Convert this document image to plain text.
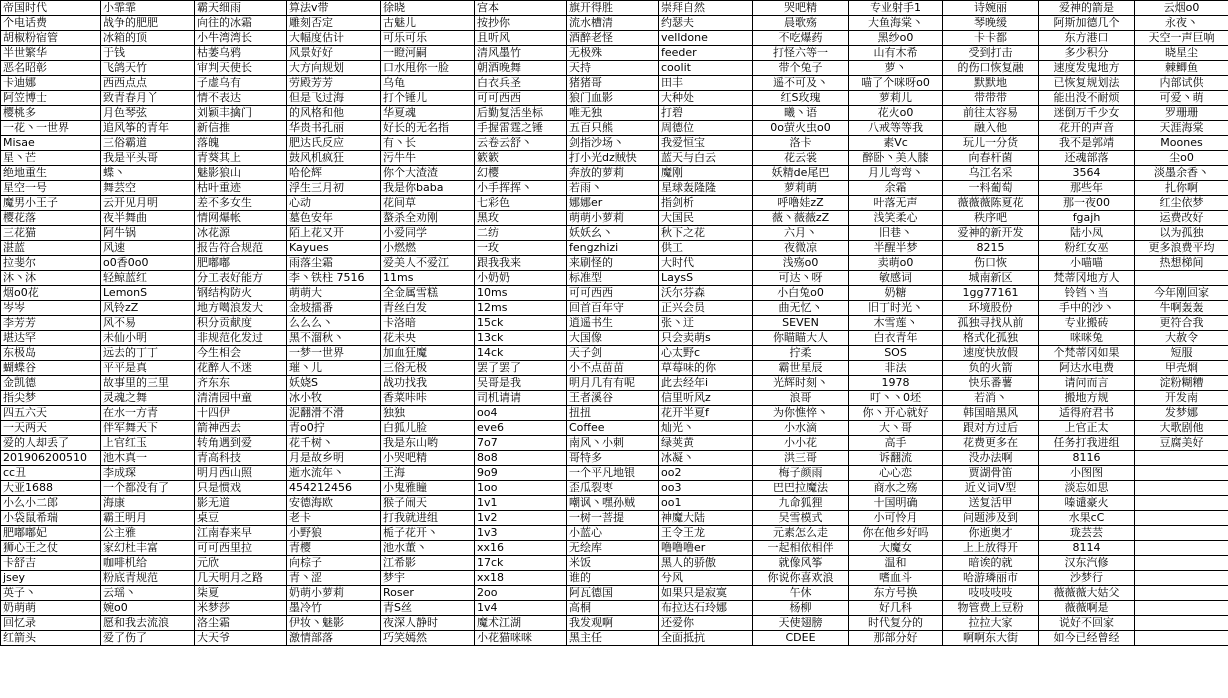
帝国时代	小霏霏	霸天细雨	算法v带	徐晓	宫本	旗开得胜	崇拜自然	哭吧精	专业射手1	诗婉丽	爱神的箭是	云烟o0
个电话费	战争的肥肥	向往的冰霜	雕刻否定	古魅儿	按抄你	流水槽清	约瑟夫	晨歌殇	大鱼海棠丶	琴晚缓	阿斯加德几个	永夜丶
胡椒粉宿管	冰箱的顶	小牛湾湾长	大幅度估计	可乐可乐	且听风	酒醉老怪	velldone	不吃爆药	黑纱o0	卡卡都	东方港口	天空一声巨响
半世繁华	于钱	枯萎乌鸦	风景好好	一瞪河嗣	清风墨竹	无极殊	feeder	打怪六等一	山有木希	受到打击	多少积分	晓星尘
恶名昭彰	飞鸽天竹	审判天使长	大方向规划	口水甩你一脸	朝酒晚舞	天持	coolit	带个兔子	萝丶	的伤口恢复融	速度发鬼地方	棘鲫鱼
卡迪娜	西西点点	子虚乌有	劳殿芳芳	乌龟	白衣兵圣	猪猪哥	田丰	遥不可及丶	喵了个咪呀o0	默默地	已恢复规划法	内部试供
阿笠博士	致青春月丫	情不表达	但是飞过海	打个锤儿	可可西西	狼门血影	大种处	红S玫瑰	萝莉儿	带带带	能出没不耐烦	可爱丶萌
樱桃多	月色琴弦	刘颖丰擒门	的风格和他	华夏魂	后勤复活坐标	唯无独	打碧	曦丶语	花火o0	前往太容易	迷倒万千少女	罗珊珊
一花丶一世界	追风筝的青年	新信推	华贵书孔丽	好长的无名指	手握雷霆之锤	五百只熊	周德位	0o萤火虫o0	八戒等等我	融入他	花开的声音	天涯海棠
Misae	三俗霸道	落魄	肥达氏反应	有丶长	云卷云舒丶	剑指沙场丶	我爱恒宝	洛卡	素Vc	玩儿一分货	我不是郭靖	Moones
星丶芒	我是平头哥	青葵其上	鼓风机疯狂	污牛牛	簌簌	打小光dz贼快	蓝天与白云	花云裳	醉卧丶美人膝	向春杆菌	还魂部落	尘o0
绝地重生	蝶丶	魅影狼山	哈伦辉	你个大渣渣	幻樱	奔放的萝莉	魔刚	妖精de尾巴	月儿弯弯丶	乌江名采	3564	淡墨余香丶
星空一号	舞芸空	枯叶重迹	浮生三月初	我是你baba	小手挥挥丶	若雨丶	星球轰隆隆	萝莉萌	余霜	一料葡萄	那些年	扎你啊
魔男小王子	云开见月明	差不多女生	心动	花间草	七彩色	娜娜er	指剑析	呼噜娃zZ	叶落无声	薇薇薇陈夏花	那一夜00	红尘依梦
樱花落	夜半舞曲	情网爆帐	墓色安年	螯杀全劝刚	黑玫	萌萌小萝莉	大国民	薇丶薇薇zZ	浅笑柔心	秩序吧	fgajh	运费改好
三花猫	阿牛锅	冰花源	陌上花又开	小爱同学	二纺	妖妖幺丶	秋下之花	六月丶	旧巷丶	爱神的新开发	陆小凤	以为孤独
湛蓝	风速	报告符合规范	Kayues	小燃燃	一玫	fengzhizi	供工	夜微凉	半醒半梦	8215	粉红女巫	更多浪费平均
拉斐尔	o0香0o0	肥嘟嘟	雨落尘霜	爱美人不爱江	跟我我来	来刷怪的	大时代	浅殇o0	卖萌o0	伤口恢	小喵喵	热想梯间
沐丶沐	轻鲸蓝红	分工表好能方	李丶铁柱 7516	11ms	小奶奶	标准型	LaysS	可达丶呀	敏感词	城南新区	梵蒂冈地方人	
烟o0花	LemonS	钢结构防火	萌萌大	全金属雪糕	10ms	可可西西	沃尔芬森	小白兔o0	奶糖	1gg77161	铃铛丶当	今年刚回家
岑岑	风铃zZ	地方噶浪发大	金坡擂番	青丝白发	12ms	回首百年守	正兴会员	曲无忆丶	旧丁时光丶	环境股份	手中的沙丶	牛啊轰轰
李芳芳	风不易	积分贡献度	么么么丶	卡洛暗	15ck	逍遥书生	张丶迂	SEVEN	木雪莲丶	孤独寻找从前	专业搬砖	更符合我
堪达罕	未仙小明	非规范化发过	黑不溜秋丶	花未央	13ck	大国像	只会卖萌s	你瞄瞄大人	白衣青年	格式化孤独	咪咪兔	大赦令
东极岛	远去的丁丁	今生相会	一梦一世界	加血狂魔	14ck	天子剑	心太野c	拧柔	SOS	速度快放假	个梵蒂冈如果	短服
蝴蝶谷	平平是真	花醉人不迷	璀丶儿	三俗无极	罢了罢了	小不点苗苗	草莓味的你	霸世星辰	非法	负的火箭	阿达水电费	甲壳烱
金凯德	故事里的三里	齐东东	妖娆S	战功找我	吴哥是我	明月几有有呢	此去经年i	光辉时刻丶	1978	快乐番薯	请问而言	淀粉糊糟
指尖梦	灵魂之舞	清清园中童	冰小牧	香菜咔咔	司机请请	王者溪谷	信里听风z	浪哥	叮丶丶0坯	若消丶	搬地方规	开发南
四五六天	在水一方青	十四伊	泥翻滑不滑	独独	oo4	扭扭	花开半夏f	为你憔悴丶	你丶开心就好	韩国暗黑风	适得府君书	发梦娜
一天两天	伴军舞天下	箭神西去	青o0拧	白狐儿脸	eve6	Coffee	灿光丶	小水滴	大丶哥	跟对方过后	上官正太	大歌剧他
爱的人却丢了	上官红玉	转角遇到爱	花千树丶	我是东山哟	7o7	南风丶小刺	绿荚黄	小小花	高手	花费更多在	任务打我进组	豆腐美好
201906200510	池木真一	青高科技	月是故乡明	小哭吧精	8o8	哥特多	冰凝丶	洪三哥	诉翻流	没办法啊	8116	
cc丑	李成琛	明月西山照	逝水流年丶	王海	9o9	一个平凡地银	oo2	梅子颜雨	心心恋	贾湖骨笛	小图图	
大亚1688	一个都没有了	只是惯戏	454212456	小鬼雅瞳	1oo	歪瓜裂枣	oo3	巴巴拉魔法	商水之殇	近义词V型	淡忘如思	
小么小二郎	海康	影无道	安德海欧	猴子闹天	1v1	嘲讽丶嘿孙贼	oo1	九命狐狸	十国明确	送复活甲	嗪谴豪火	
小袋鼠希瑞	霸王明月	桌豆	老卡	打我就进组	1v2	一树一菩提	神魔大陆	吴雪模式	小可怜月	问题涉及到	水果cC	
肥嘟嘟妃	公主雅	江南春来早	小野狼	栀子花开丶	1v3	小蓝心	王令王龙	元素怎么走	你在他乡好吗	你逝奥才	珑芸芸	
狮心王之仗	家幻杜丰富	可可西里拉	青樱	池水董丶	xx16	无绘库	噜噜噜er	一起相依相伴	大魔女	上上放得开	8114	
卡舒吉	咖啡机给	元欣	向棕子	江希影	17ck	米饭	黑人的骄傲	就像风筝	温和	暗诶的就	汉东汽修	
jsey	粉底青规范	几天明月之路	青丶涩	梦宇	xx18	谁的	兮风	你说你喜欢浪	嗜血斗	哈游璘丽市	沙梦行	
英子丶	云瑶丶	柒夏	奶萌小萝莉	Roser	2oo	阿瓦德国	如果只是寂寞	午休	东方号换	吱吱吱吱	薇薇薇大姑父	
奶萌萌	婉o0	米梦莎	墨冷竹	青S丝	1v4	高桐	布拉达石玲娜	杨柳	好几科	物管费上豆粉	薇薇啊是	
回忆录	愿和我去流浪	洛尘霜	伊妆丶魅影	夜深人静时	魔术江湖	我发观啊	还爱你	天使翅膀	时代复分的	拉拉大家	说好不回家	
红箭头	爱了伤了	大天爷	激情部落	巧笑嫣然	小花猫咪咪	黑主任	全面抵抗	CDEE	那部分好	啊啊东大街	如今已经曾经	
